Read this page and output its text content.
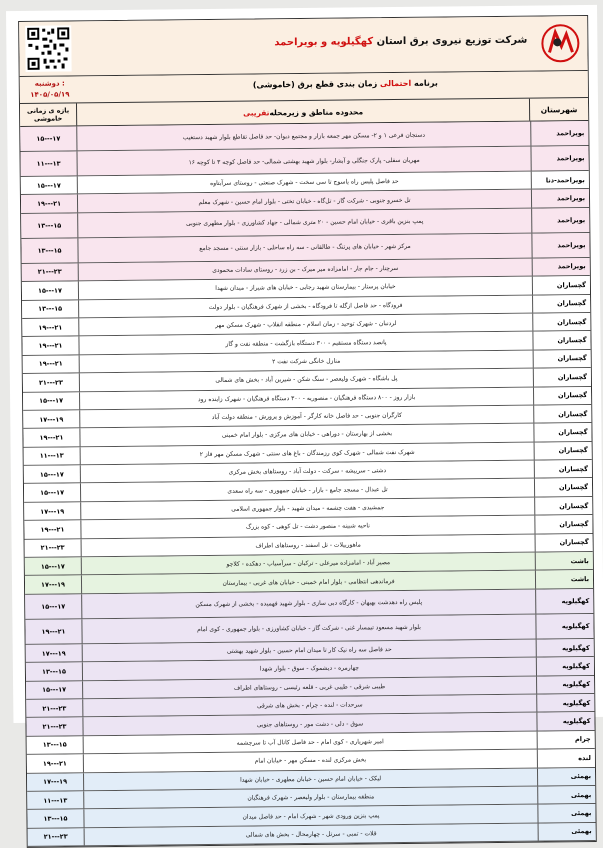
شرکت توزیع نیروی برق استان کهگیلویه و بویراحمد
دوشنبه :
۱۴۰۵/۰۵/۱۹
برنامه احتمالی زمان بندی قطع برق (خاموشی)
شهرستان
محدوده مناطق و زیرمحله
تقریبی
بازه ی زمانی خاموشی
بویراحمد
دستجان فرعی ۱ و ۲- مسکن مهر جمعه بازار و مجتمع دیوان- حد فاصل تقاطع بلوار شهید دستغیب
۱۵---۱۷
بویراحمد
مهریان سفلی- پارک جنگلی و آبشار- بلوار شهید بهشتی شمالی- حد فاصل کوچه ۳ تا کوچه ۱۶
۱۱---۱۳
بویراحمد-دنا
حد فاصل پلیس راه یاسوج تا سی سخت - شهرک صنعتی - روستای سرآبتاوه
۱۵---۱۷
بویراحمد
تل خسرو جنوبی - شرکت گاز - تل‌گاه - خیابان تختی - بلوار امام حسین - شهرک معلم
۱۹---۲۱
بویراحمد
پمپ بنزین باقری - خیابان امام حسین - ۲۰ متری شمالی - جهاد کشاورزی - بلوار مطهری جنوبی
۱۳---۱۵
بویراحمد
مرکز شهر - خیابان های پرتنگ - طالقانی - سه راه ساحلی - بازار سنتی - مسجد جامع
۱۳---۱۵
بویراحمد
سرچنار - جام جار - امامزاده میر میرک - بن زرد - روستای سادات محمودی
۲۱---۲۳
گچساران
خیابان پرستار - بیمارستان شهید رجایی - خیابان های شیراز - میدان شهدا
۱۵---۱۷
گچساران
فرودگاه - حد فاصل ازگله تا فرودگاه - بخشی از شهرک فرهنگیان - بلوار دولت
۱۳---۱۵
گچساران
لردنبان - شهرک توحید - زمان اسلام - منطقه انقلاب - شهرک مسکن مهر
۱۹---۲۱
گچساران
پانصد دستگاه مستقیم - ۳۰۰ دستگاه بازگشت - منطقه نفت و گاز
۱۹---۲۱
گچساران
منازل خانگی شرکت نفت ۲
۱۹---۲۱
گچساران
پل باشگاه - شهرک ولیعصر - سنگ شکن - شیرین آباد - بخش های شمالی
۲۱---۲۳
گچساران
بازار روز - ۸۰۰ دستگاه فرهنگیان - منصوریه - ۳۰۰ دستگاه فرهنگیان - شهرک زاینده رود
۱۵---۱۷
گچساران
کارگران جنوبی - حد فاصل خانه کارگر - آموزش و پرورش - منطقه دولت آباد
۱۷---۱۹
گچساران
بخشی از بهارستان - دوراهی - خیابان های مرکزی - بلوار امام خمینی
۱۹---۲۱
گچساران
شهرک نفت شمالی - شهرک کوی رزمندگان - باغ های سنتی - شهرک مسکن مهر فاز ۲
۱۱---۱۳
گچساران
دشتی - سربیشه - سرکت - دولت آباد - روستاهای بخش مرکزی
۱۵---۱۷
گچساران
تل عبدال - مسجد جامع - بازار - خیابان جمهوری - سه راه سعدی
۱۵---۱۷
گچساران
جمشیدی - هفت چشمه - میدان شهید - بلوار جمهوری اسلامی
۱۷---۱۹
گچساران
ناحیه شبینه - منصور دشت - تل کوهی - کوه بزرگ
۱۹---۲۱
گچساران
ماهوربیلات - تل اسفند - روستاهای اطراف
۲۱---۲۳
باشت
مصیر آباد - امامزاده میرعلی - ترکیان - سرآسیاب - دهکده - کلاچو
۱۵---۱۷
باشت
فرماندهی انتظامی - بلوار امام خمینی - خیابان های غربی - بیمارستان
۱۷---۱۹
کهگیلویه
پلیس راه دهدشت بهبهان - کارگاه دبی سازی - بلوار شهید فهمیده - بخشی از شهرک مسکن
۱۵---۱۷
کهگیلویه
بلوار شهید مسعود تیمسار غنی - شرکت گاز - خیابان کشاورزی - بلوار جمهوری - کوی امام
۱۹---۲۱
کهگیلویه
حد فاصل سه راه نیک کار تا میدان امام حسین - بلوار شهید بهشتی
۱۷---۱۹
کهگیلویه
چهارمره - دیشموک - سوق - بلوار شهدا
۱۳---۱۵
کهگیلویه
طیبی شرقی - طیبی غربی - قلعه رئیسی - روستاهای اطراف
۱۵---۱۷
کهگیلویه
سرحدات - لنده - چرام - بخش های شرقی
۲۱---۲۳
کهگیلویه
سوق - دلی - دشت مور - روستاهای جنوبی
۲۱---۲۳
چرام
امیر شهریاری - کوی امام - حد فاصل کانال آب تا سرچشمه
۱۳---۱۵
لنده
بخش مرکزی لنده - مسکن مهر - خیابان امام
۱۹---۲۱
بهمئی
لیکک - خیابان امام حسین - خیابان مطهری - خیابان شهدا
۱۷---۱۹
بهمئی
منطقه بیمارستان - بلوار ولیعصر - شهرک فرهنگیان
۱۱---۱۳
بهمئی
پمپ بنزین ورودی شهر - شهرک امام - حد فاصل میدان
۱۳---۱۵
بهمئی
قلات - تمبی - سرتل - چهارمحال - بخش های شمالی
۲۱---۲۳
